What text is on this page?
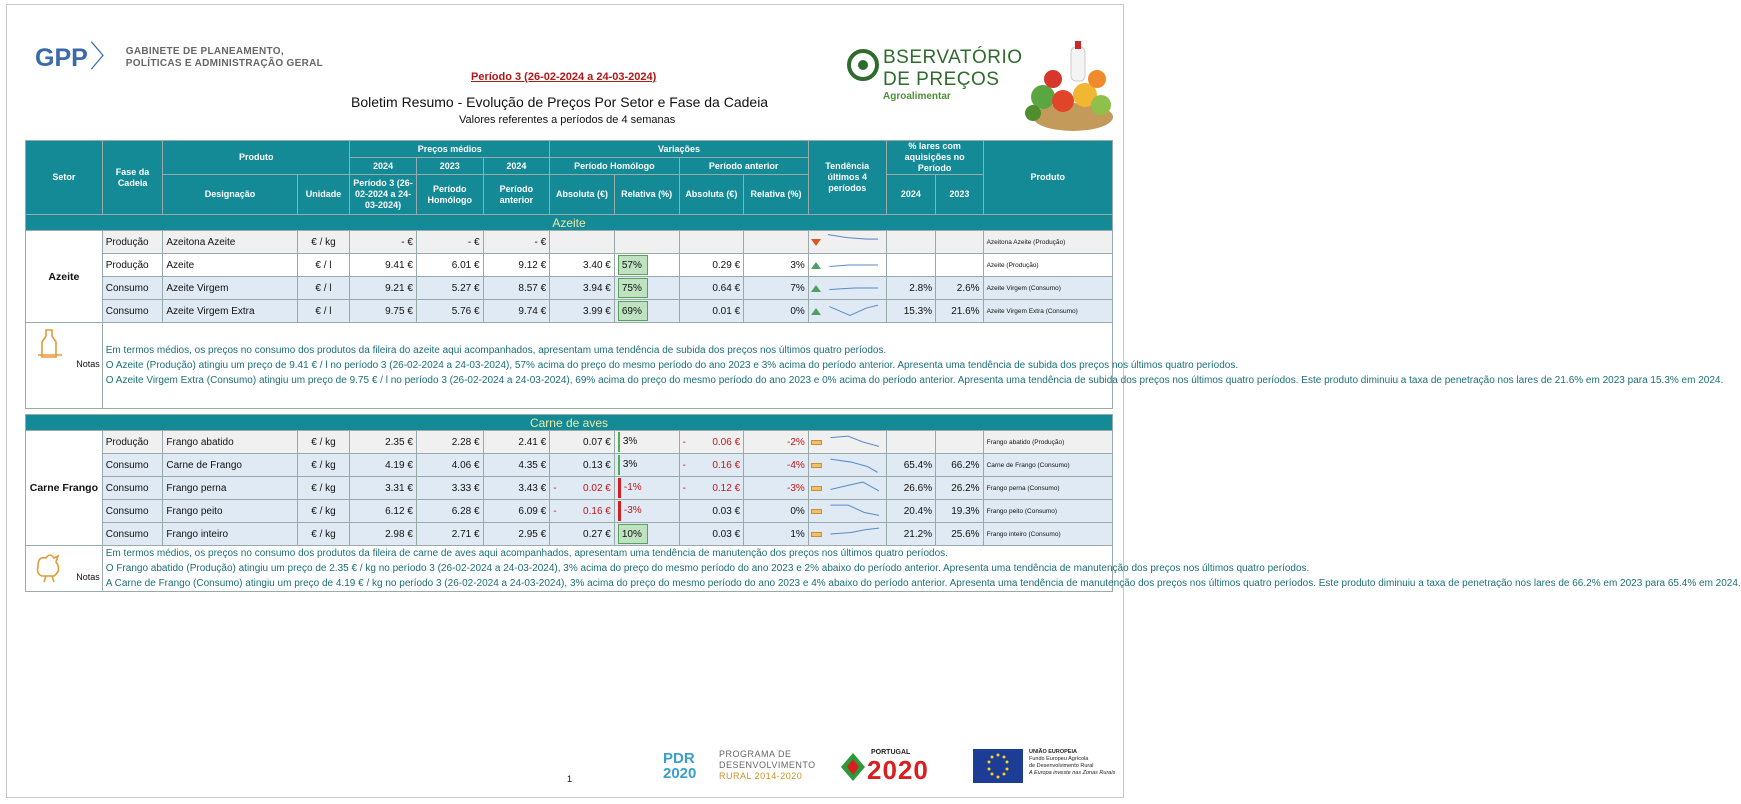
GPP 〉 GABINETE DE PLANEAMENTO,
POLÍTICAS E ADMINISTRAÇÃO GERAL
Período 3 (26-02-2024 a 24-03-2024)
Boletim Resumo - Evolução de Preços Por Setor e Fase da Cadeia
Valores referentes a períodos de 4 semanas
BSERVATÓRIO
DE PREÇOS
Agroalimentar
Setor	Fase da Cadeia	Produto		Preços médios			Variações				Tendência últimos 4 períodos	% lares com aquisições no Período		Produto
				2024	2023	2024	Período Homólogo		Período anterior					
		Designação	Unidade	Período 3 (26-02-2024 a 24-03-2024)	Período Homólogo	Período anterior	Absoluta (€)	Relativa (%)	Absoluta (€)	Relativa (%)		2024	2023	
Azeite														
Azeite	Produção	Azeitona Azeite	€ / kg	- €	- €	- €								Azeitona Azeite (Produção)
	Produção	Azeite	€ / l	9.41 €	6.01 €	9.12 €	3.40 €	57%	0.29 €	3%				Azeite (Produção)
	Consumo	Azeite Virgem	€ / l	9.21 €	5.27 €	8.57 €	3.94 €	75%	0.64 €	7%		2.8%	2.6%	Azeite Virgem (Consumo)
	Consumo	Azeite Virgem Extra	€ / l	9.75 €	5.76 €	9.74 €	3.99 €	69%	0.01 €	0%		15.3%	21.6%	Azeite Virgem Extra (Consumo)

Notas	Em termos médios, os preços no consumo dos produtos da fileira do azeite aqui acompanhados, apresentam uma tendência de subida dos preços nos últimos quatro períodos.
O Azeite (Produção) atingiu um preço de 9.41 € / l no período 3 (26-02-2024 a 24-03-2024), 57% acima do preço do mesmo período do ano 2023 e 3% acima do período anterior. Apresenta uma tendência de subida dos preços nos últimos quatro períodos.
O Azeite Virgem Extra (Consumo) atingiu um preço de 9.75 € / l no período 3 (26-02-2024 a 24-03-2024), 69% acima do preço do mesmo período do ano 2023 e 0% acima do período anterior. Apresenta uma tendência de subida dos preços nos últimos quatro períodos. Este produto diminuiu a taxa de penetração nos lares de 21.6% em 2023 para 15.3% em 2024.													

Carne de aves														
Carne Frango	Produção	Frango abatido	€ / kg	2.35 €	2.28 €	2.41 €	0.07 €	3%	- 0.06 €	-2%				Frango abatido (Produção)
	Consumo	Carne de Frango	€ / kg	4.19 €	4.06 €	4.35 €	0.13 €	3%	- 0.16 €	-4%		65.4%	66.2%	Carne de Frango (Consumo)
	Consumo	Frango perna	€ / kg	3.31 €	3.33 €	3.43 €	- 0.02 €	-1%	- 0.12 €	-3%		26.6%	26.2%	Frango perna (Consumo)
	Consumo	Frango peito	€ / kg	6.12 €	6.28 €	6.09 €	- 0.16 €	-3%	0.03 €	0%		20.4%	19.3%	Frango peito (Consumo)
	Consumo	Frango inteiro	€ / kg	2.98 €	2.71 €	2.95 €	0.27 €	10%	0.03 €	1%		21.2%	25.6%	Frango inteiro (Consumo)

Notas	Em termos médios, os preços no consumo dos produtos da fileira de carne de aves aqui acompanhados, apresentam uma tendência de manutenção dos preços nos últimos quatro períodos.
O Frango abatido (Produção) atingiu um preço de 2.35 € / kg no período 3 (26-02-2024 a 24-03-2024), 3% acima do preço do mesmo período do ano 2023 e 2% abaixo do período anterior. Apresenta uma tendência de manutenção dos preços nos últimos quatro períodos.
A Carne de Frango (Consumo) atingiu um preço de 4.19 € / kg no período 3 (26-02-2024 a 24-03-2024), 3% acima do preço do mesmo período do ano 2023 e 4% abaixo do período anterior. Apresenta uma tendência de manutenção dos preços nos últimos quatro períodos. Este produto diminuiu a taxa de penetração nos lares de 66.2% em 2023 para 65.4% em 2024.													
1
PDR 2020
PROGRAMA DE
DESENVOLVIMENTO
RURAL 2014-2020
PORTUGAL
2020
UNIÃO EUROPEIA
Fundo Europeu Agrícola
de Desenvolvimento Rural
A Europa investe nas Zonas Rurais
